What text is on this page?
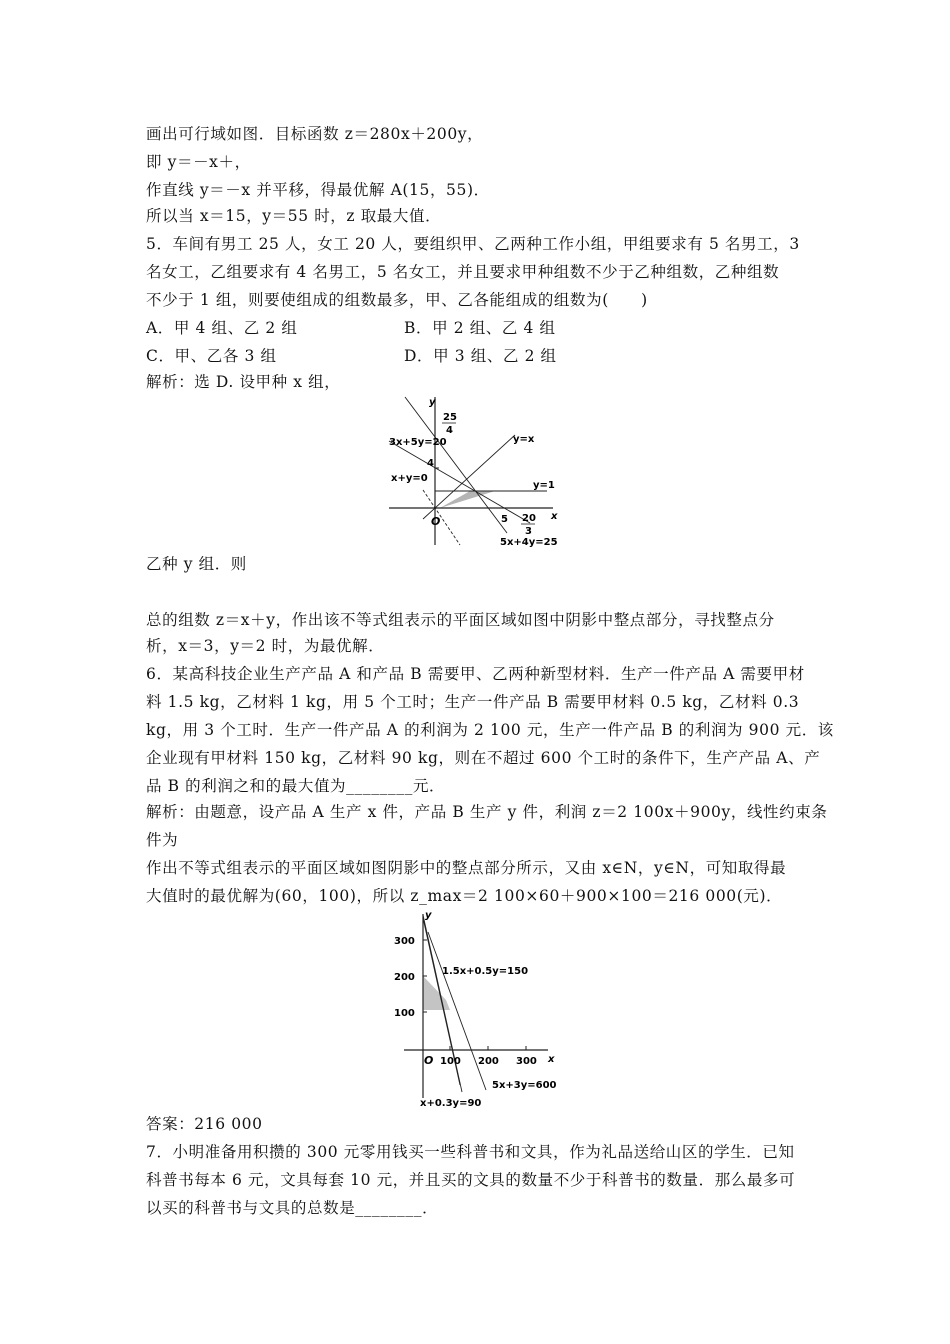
画出可行域如图．目标函数 z＝280x＋200y，
即 y＝－x＋，
作直线 y＝－x 并平移，得最优解 A(15，55)．
所以当 x＝15，y＝55 时，z 取最大值．
5．车间有男工 25 人，女工 20 人，要组织甲、乙两种工作小组，甲组要求有 5 名男工，3
名女工，乙组要求有 4 名男工，5 名女工，并且要求甲种组数不少于乙种组数，乙种组数
不少于 1 组，则要使组成的组数最多，甲、乙各能组成的组数为(　　)
A．甲 4 组、乙 2 组	B．甲 2 组、乙 4 组
C．甲、乙各 3 组	D．甲 3 组、乙 2 组
解析：选 D. 设甲种 x 组，
y
25
4
3x+5y=20	y=x
4
x+y=0
y=1
O	5 20
3
x
5x+4y=25
乙种 y 组．则
总的组数 z＝x＋y，作出该不等式组表示的平面区域如图中阴影中整点部分，寻找整点分
析，x＝3，y＝2 时，为最优解．
6．某高科技企业生产产品 A 和产品 B 需要甲、乙两种新型材料．生产一件产品 A 需要甲材
料 1.5 kg，乙材料 1 kg，用 5 个工时；生产一件产品 B 需要甲材料 0.5 kg，乙材料 0.3
kg，用 3 个工时．生产一件产品 A 的利润为 2 100 元，生产一件产品 B 的利润为 900 元．该
企业现有甲材料 150 kg，乙材料 90 kg，则在不超过 600 个工时的条件下，生产产品 A、产
品 B 的利润之和的最大值为________元．
解析：由题意，设产品 A 生产 x 件，产品 B 生产 y 件，利润 z＝2 100x＋900y，线性约束条
件为
作出不等式组表示的平面区域如图阴影中的整点部分所示，又由 x∈N，y∈N，可知取得最
大值时的最优解为(60，100)，所以 z_max＝2 100×60＋900×100＝216 000(元)．
y
300
200
100
1.5x+0.5y=150
O 100 200 300 x
5x+3y=600
x+0.3y=90
答案：216 000
7．小明准备用积攒的 300 元零用钱买一些科普书和文具，作为礼品送给山区的学生．已知
科普书每本 6 元，文具每套 10 元，并且买的文具的数量不少于科普书的数量．那么最多可
以买的科普书与文具的总数是________．
